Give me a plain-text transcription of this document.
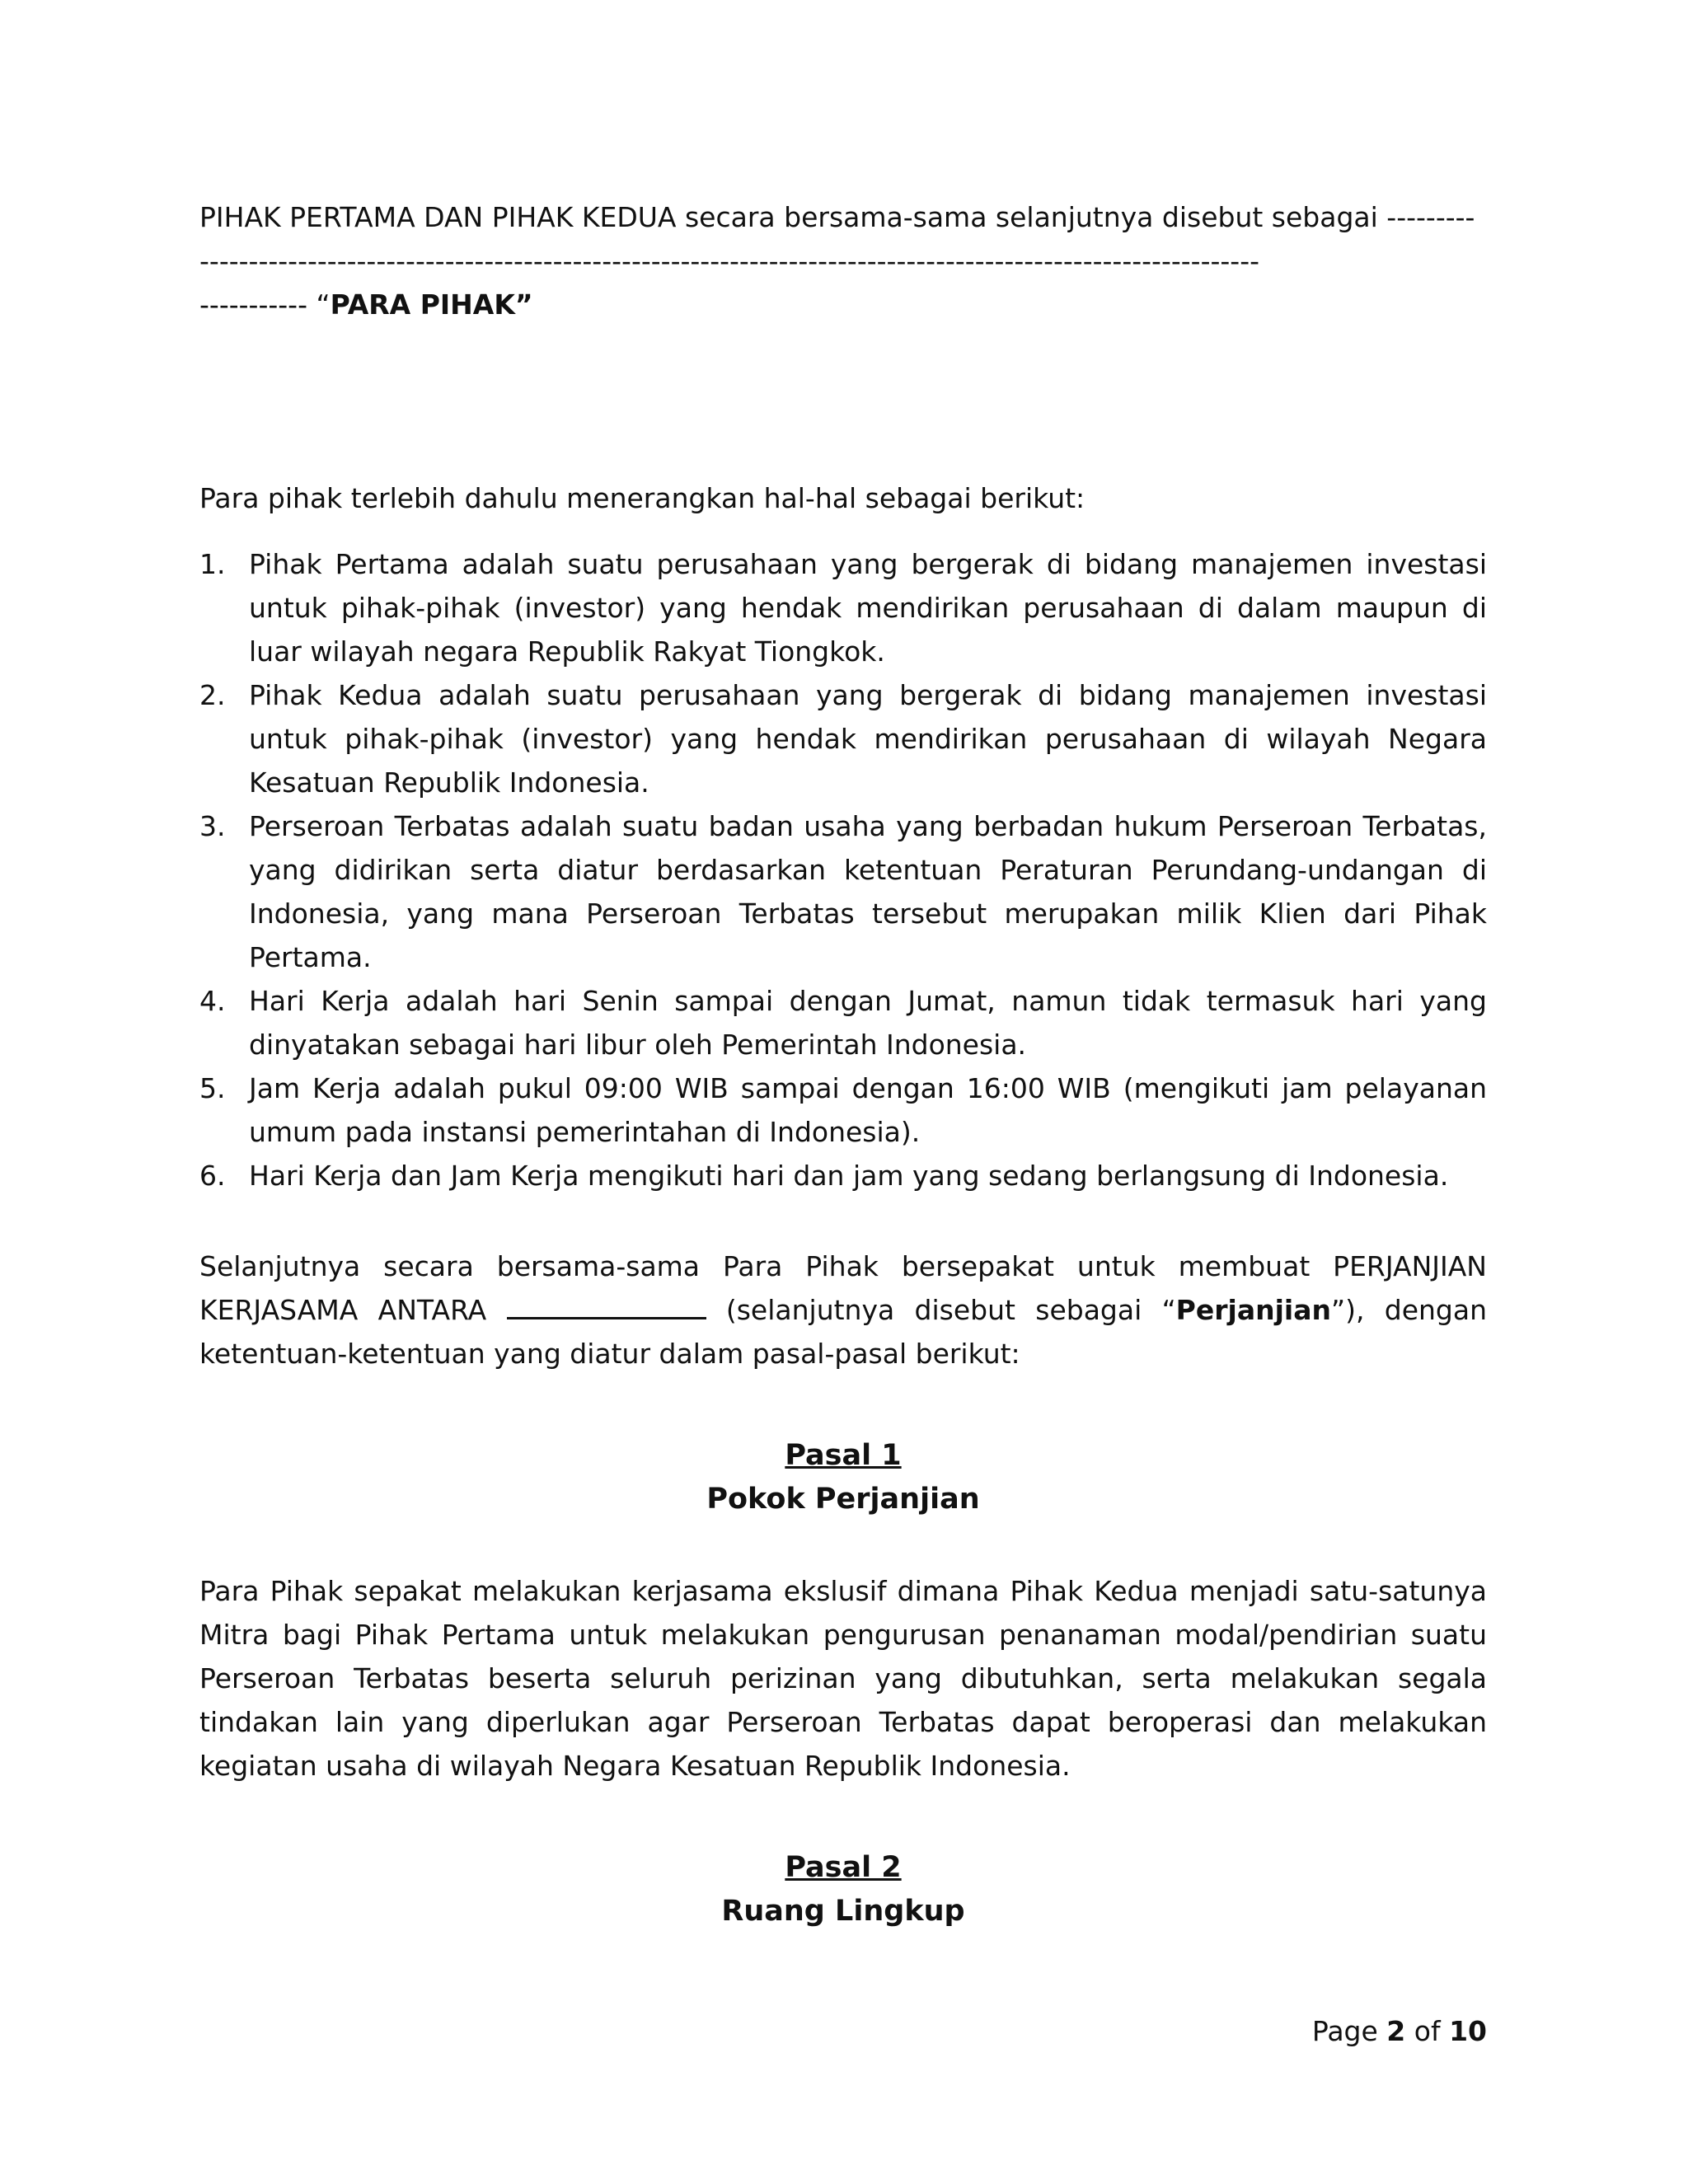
PIHAK PERTAMA DAN PIHAK KEDUA secara bersama-sama selanjutnya disebut sebagai ---------
------------------------------------------------------------------------------------------------------------
----------- “PARA PIHAK”
Para pihak terlebih dahulu menerangkan hal-hal sebagai berikut:
1. Pihak Pertama adalah suatu perusahaan yang bergerak di bidang manajemen investasi untuk pihak-pihak (investor) yang hendak mendirikan perusahaan di dalam maupun di luar wilayah negara Republik Rakyat Tiongkok.
2. Pihak Kedua adalah suatu perusahaan yang bergerak di bidang manajemen investasi untuk pihak-pihak (investor) yang hendak mendirikan perusahaan di wilayah Negara Kesatuan Republik Indonesia.
3. Perseroan Terbatas adalah suatu badan usaha yang berbadan hukum Perseroan Terbatas, yang didirikan serta diatur berdasarkan ketentuan Peraturan Perundang-undangan di Indonesia, yang mana Perseroan Terbatas tersebut merupakan milik Klien dari Pihak Pertama.
4. Hari Kerja adalah hari Senin sampai dengan Jumat, namun tidak termasuk hari yang dinyatakan sebagai hari libur oleh Pemerintah Indonesia.
5. Jam Kerja adalah pukul 09:00 WIB sampai dengan 16:00 WIB (mengikuti jam pelayanan umum pada instansi pemerintahan di Indonesia).
6. Hari Kerja dan Jam Kerja mengikuti hari dan jam yang sedang berlangsung di Indonesia.
Selanjutnya secara bersama-sama Para Pihak bersepakat untuk membuat PERJANJIAN KERJASAMA ANTARA	(selanjutnya disebut sebagai “Perjanjian”), dengan ketentuan-ketentuan yang diatur dalam pasal-pasal berikut:
Pasal 1
Pokok Perjanjian
Para Pihak sepakat melakukan kerjasama ekslusif dimana Pihak Kedua menjadi satu-satunya Mitra bagi Pihak Pertama untuk melakukan pengurusan penanaman modal/pendirian suatu Perseroan Terbatas beserta seluruh perizinan yang dibutuhkan, serta melakukan segala tindakan lain yang diperlukan agar Perseroan Terbatas dapat beroperasi dan melakukan kegiatan usaha di wilayah Negara Kesatuan Republik Indonesia.
Pasal 2
Ruang Lingkup
Page 2 of 10
